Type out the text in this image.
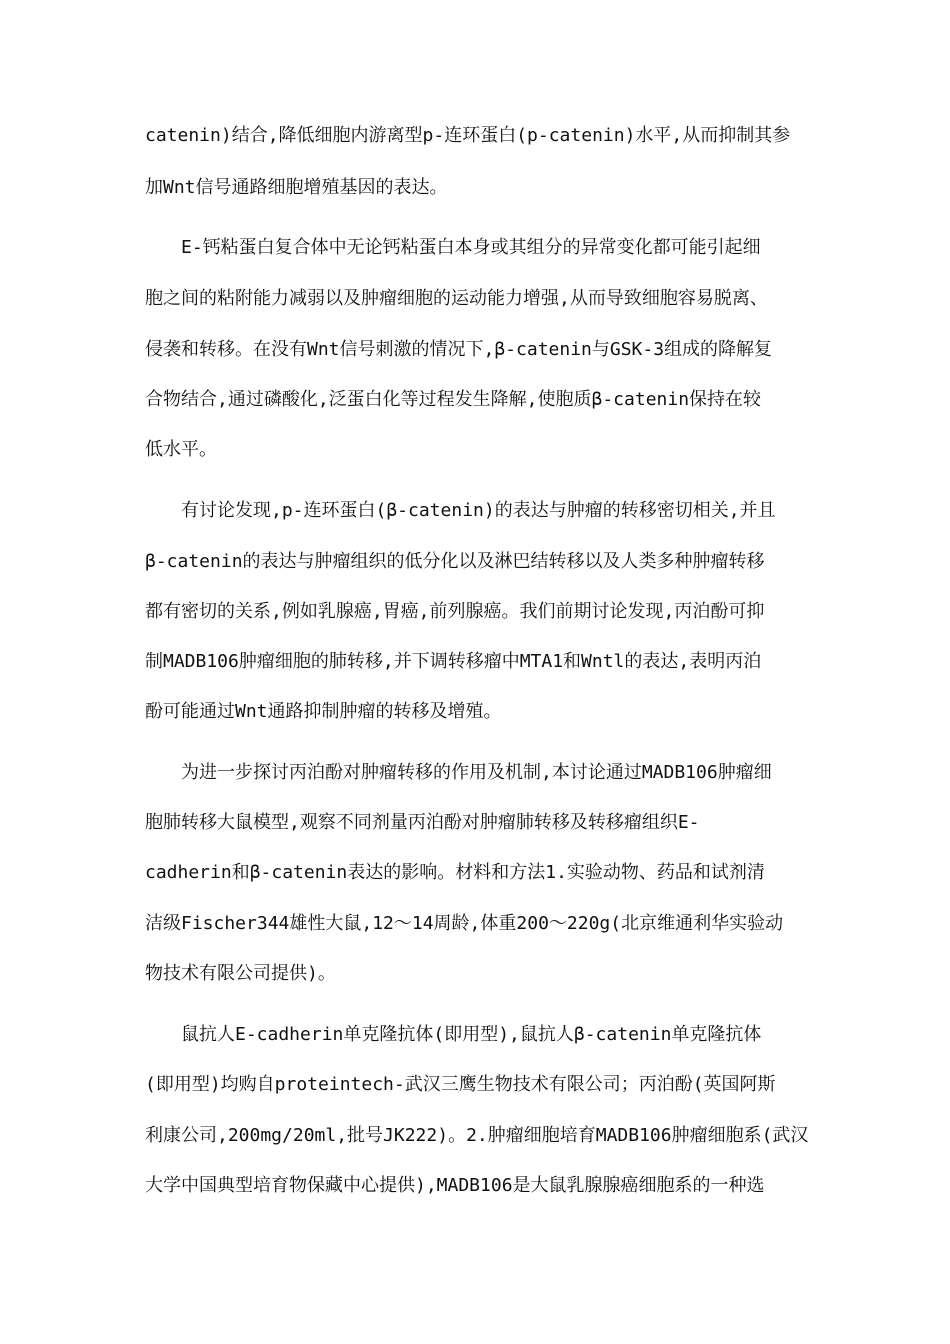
catenin)结合,降低细胞内游离型p-连环蛋白(p-catenin)水平,从而抑制其参
加Wnt信号通路细胞增殖基因的表达。
E-钙粘蛋白复合体中无论钙粘蛋白本身或其组分的异常变化都可能引起细
胞之间的粘附能力减弱以及肿瘤细胞的运动能力增强,从而导致细胞容易脱离、
侵袭和转移。在没有Wnt信号刺激的情况下,β-catenin与GSK-3组成的降解复
合物结合,通过磷酸化,泛蛋白化等过程发生降解,使胞质β-catenin保持在较
低水平。
有讨论发现,p-连环蛋白(β-catenin)的表达与肿瘤的转移密切相关,并且
β-catenin的表达与肿瘤组织的低分化以及淋巴结转移以及人类多种肿瘤转移
都有密切的关系,例如乳腺癌,胃癌,前列腺癌。我们前期讨论发现,丙泊酚可抑
制MADB106肿瘤细胞的肺转移,并下调转移瘤中MTA1和Wntl的表达,表明丙泊
酚可能通过Wnt通路抑制肿瘤的转移及增殖。
为进一步探讨丙泊酚对肿瘤转移的作用及机制,本讨论通过MADB106肿瘤细
胞肺转移大鼠模型,观察不同剂量丙泊酚对肿瘤肺转移及转移瘤组织E-
cadherin和β-catenin表达的影响。材料和方法1.实验动物、药品和试剂清
洁级Fischer344雄性大鼠,12～14周龄,体重200～220g(北京维通利华实验动
物技术有限公司提供)。
鼠抗人E-cadherin单克隆抗体(即用型),鼠抗人β-catenin单克隆抗体
(即用型)均购自proteintech-武汉三鹰生物技术有限公司；丙泊酚(英国阿斯
利康公司,200mg/20ml,批号JK222)。2.肿瘤细胞培育MADB106肿瘤细胞系(武汉
大学中国典型培育物保藏中心提供),MADB106是大鼠乳腺腺癌细胞系的一种选
